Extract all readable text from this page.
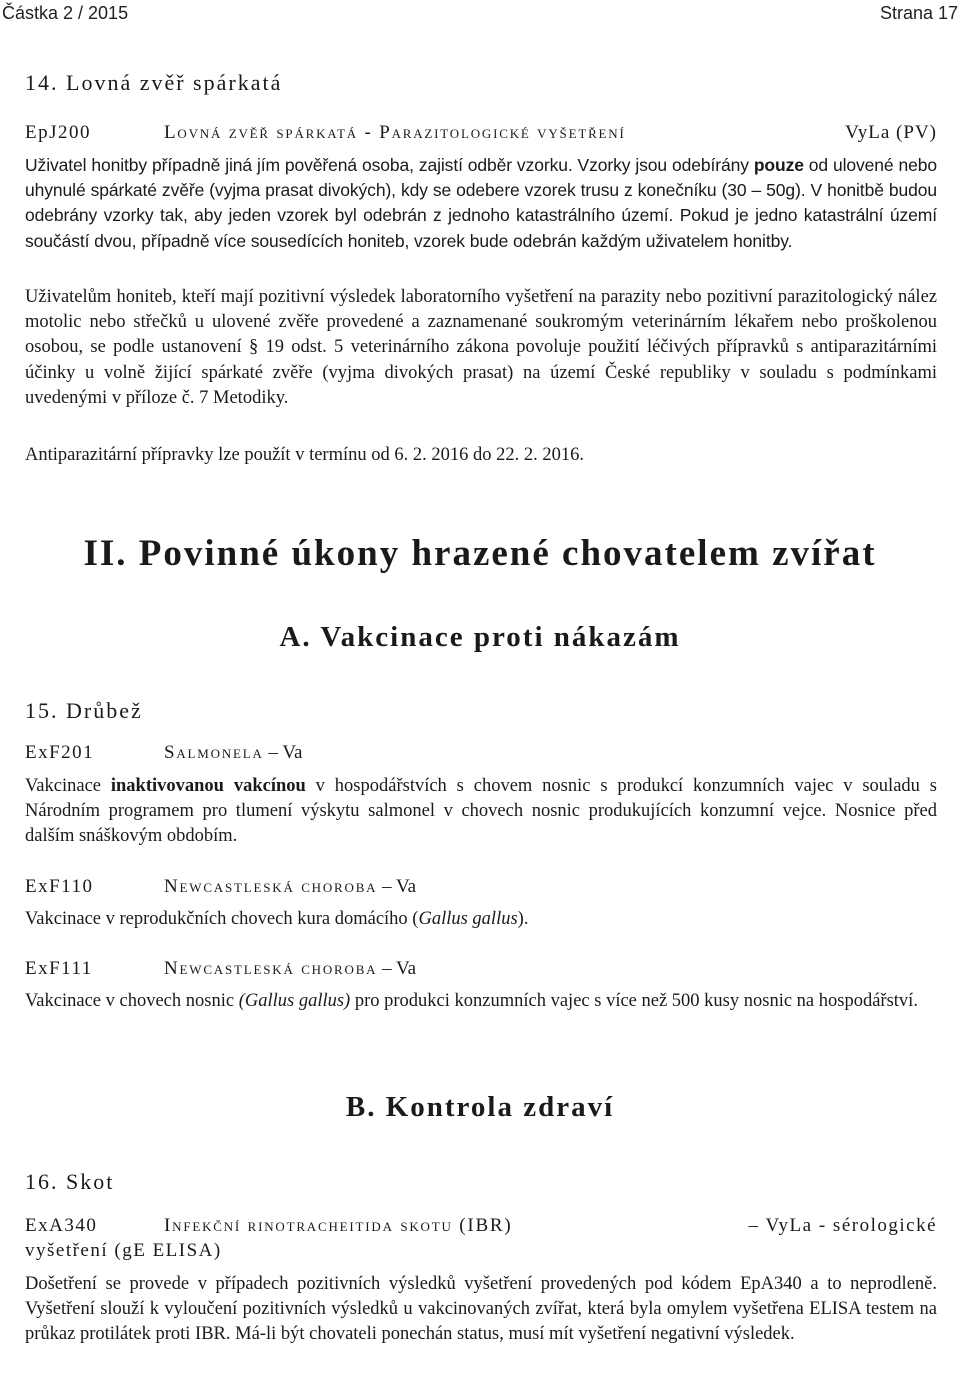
Částka 2 / 2015	Strana 17
14. Lovná zvěř spárkatá
EpJ200	Lovná zvěř spárkatá - Parazitologické vyšetření	VyLa (PV)

Uživatel honitby případně jiná jím pověřená osoba, zajistí odběr vzorku. Vzorky jsou odebírány pouze od ulovené nebo uhynulé spárkaté zvěře (vyjma prasat divokých), kdy se odebere vzorek trusu z konečníku (30 – 50g). V honitbě budou odebrány vzorky tak, aby jeden vzorek byl odebrán z jednoho katastrálního území. Pokud je jedno katastrální území součástí dvou, případně více sousedících honiteb, vzorek bude odebrán každým uživatelem honitby.

Uživatelům honiteb, kteří mají pozitivní výsledek laboratorního vyšetření na parazity nebo pozitivní parazitologický nález motolic nebo střečků u ulovené zvěře provedené a zaznamenané soukromým veterinárním lékařem nebo proškolenou osobou, se podle ustanovení § 19 odst. 5 veterinárního zákona povoluje použití léčivých přípravků s antiparazitárními účinky u volně žijící spárkaté zvěře (vyjma divokých prasat) na území České republiky v souladu s podmínkami uvedenými v příloze č. 7 Metodiky.

Antiparazitární přípravky lze použít v termínu od 6. 2. 2016 do 22. 2. 2016.

II. Povinné úkony hrazené chovatelem zvířat
A. Vakcinace proti nákazám
15. Drůbež
ExF201	Salmonela – Va

Vakcinace inaktivovanou vakcínou v hospodářstvích s chovem nosnic s produkcí konzumních vajec v souladu s Národním programem pro tlumení výskytu salmonel v chovech nosnic produkujících konzumní vejce. Nosnice před dalším snáškovým obdobím.

ExF110	Newcastleská choroba – Va

Vakcinace v reprodukčních chovech kura domácího (Gallus gallus).

ExF111	Newcastleská choroba – Va

Vakcinace v chovech nosnic (Gallus gallus) pro produkci konzumních vajec s více než 500 kusy nosnic na hospodářství.

B. Kontrola zdraví
16. Skot
ExA340	Infekční rinotracheitida skotu (IBR)	– VyLa - sérologické
vyšetření (gE ELISA)

Došetření se provede v případech pozitivních výsledků vyšetření provedených pod kódem EpA340 a to neprodleně. Vyšetření slouží k vyloučení pozitivních výsledků u vakcinovaných zvířat, která byla omylem vyšetřena ELISA testem na průkaz protilátek proti IBR. Má-li být chovateli ponechán status, musí mít vyšetření negativní výsledek.
